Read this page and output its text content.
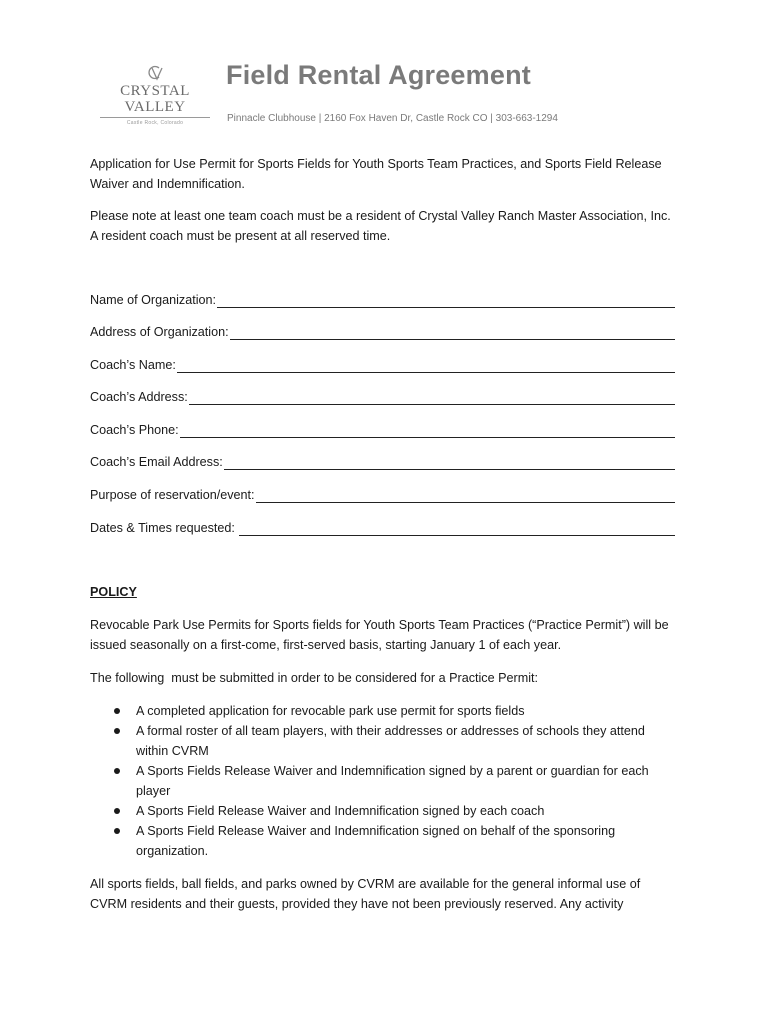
CRYSTAL VALLEY
Castle Rock, Colorado
Field Rental Agreement
Pinnacle Clubhouse | 2160 Fox Haven Dr, Castle Rock CO | 303-663-1294
Application for Use Permit for Sports Fields for Youth Sports Team Practices, and Sports Field Release Waiver and Indemnification.
Please note at least one team coach must be a resident of Crystal Valley Ranch Master Association, Inc. A resident coach must be present at all reserved time.
Name of Organization:
Address of Organization:
Coach’s Name:
Coach’s Address:
Coach’s Phone:
Coach’s Email Address:
Purpose of reservation/event:
Dates & Times requested:
POLICY
Revocable Park Use Permits for Sports fields for Youth Sports Team Practices (“Practice Permit”) will be issued seasonally on a first-come, first-served basis, starting January 1 of each year.
The following  must be submitted in order to be considered for a Practice Permit:
A completed application for revocable park use permit for sports fields
A formal roster of all team players, with their addresses or addresses of schools they attend within CVRM
A Sports Fields Release Waiver and Indemnification signed by a parent or guardian for each player
A Sports Field Release Waiver and Indemnification signed by each coach
A Sports Field Release Waiver and Indemnification signed on behalf of the sponsoring organization.
All sports fields, ball fields, and parks owned by CVRM are available for the general informal use of CVRM residents and their guests, provided they have not been previously reserved. Any activity
